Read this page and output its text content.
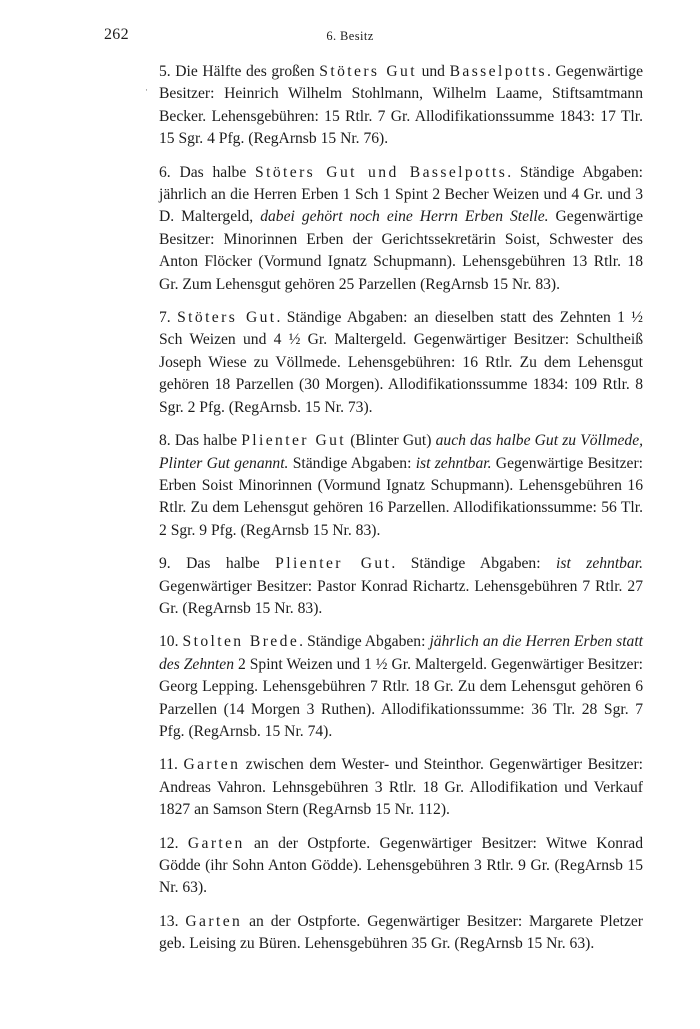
262	6. Besitz
·

5. Die Hälfte des großen Stöters Gut und Basselpotts. Gegenwärtige Besitzer: Heinrich Wilhelm Stohlmann, Wilhelm Laame, Stiftsamtmann Becker. Lehensgebühren: 15 Rtlr. 7 Gr. Allodifikationssumme 1843: 17 Tlr. 15 Sgr. 4 Pfg. (RegArnsb 15 Nr. 76).

6. Das halbe Stöters Gut und Basselpotts. Ständige Abgaben: jährlich an die Herren Erben 1 Sch 1 Spint 2 Becher Weizen und 4 Gr. und 3 D. Maltergeld, dabei gehört noch eine Herrn Erben Stelle. Gegenwärtige Besitzer: Minorinnen Erben der Gerichtssekretärin Soist, Schwester des Anton Flöcker (Vormund Ignatz Schupmann). Lehensgebühren 13 Rtlr. 18 Gr. Zum Lehensgut gehören 25 Parzellen (RegArnsb 15 Nr. 83).

7. Stöters Gut. Ständige Abgaben: an dieselben statt des Zehnten 1 ½ Sch Weizen und 4 ½ Gr. Maltergeld. Gegenwärtiger Besitzer: Schultheiß Joseph Wiese zu Völlmede. Lehensgebühren: 16 Rtlr. Zu dem Lehensgut gehören 18 Parzellen (30 Morgen). Allodifikationssumme 1834: 109 Rtlr. 8 Sgr. 2 Pfg. (RegArnsb. 15 Nr. 73).

8. Das halbe Plienter Gut (Blinter Gut) auch das halbe Gut zu Völlmede, Plinter Gut genannt. Ständige Abgaben: ist zehntbar. Gegenwärtige Besitzer: Erben Soist Minorinnen (Vormund Ignatz Schupmann). Lehensgebühren 16 Rtlr. Zu dem Lehensgut gehören 16 Parzellen. Allodifikationssumme: 56 Tlr. 2 Sgr. 9 Pfg. (RegArnsb 15 Nr. 83).

9. Das halbe Plienter Gut. Ständige Abgaben: ist zehntbar. Gegenwärtiger Besitzer: Pastor Konrad Richartz. Lehensgebühren 7 Rtlr. 27 Gr. (RegArnsb 15 Nr. 83).

10. Stolten Brede. Ständige Abgaben: jährlich an die Herren Erben statt des Zehnten 2 Spint Weizen und 1 ½ Gr. Maltergeld. Gegenwärtiger Besitzer: Georg Lepping. Lehensgebühren 7 Rtlr. 18 Gr. Zu dem Lehensgut gehören 6 Parzellen (14 Morgen 3 Ruthen). Allodifikationssumme: 36 Tlr. 28 Sgr. 7 Pfg. (RegArnsb. 15 Nr. 74).

11. Garten zwischen dem Wester- und Steinthor. Gegenwärtiger Besitzer: Andreas Vahron. Lehnsgebühren 3 Rtlr. 18 Gr. Allodifikation und Verkauf 1827 an Samson Stern (RegArnsb 15 Nr. 112).

12. Garten an der Ostpforte. Gegenwärtiger Besitzer: Witwe Konrad Gödde (ihr Sohn Anton Gödde). Lehensgebühren 3 Rtlr. 9 Gr. (RegArnsb 15 Nr. 63).

13. Garten an der Ostpforte. Gegenwärtiger Besitzer: Margarete Pletzer geb. Leising zu Büren. Lehensgebühren 35 Gr. (RegArnsb 15 Nr. 63).
